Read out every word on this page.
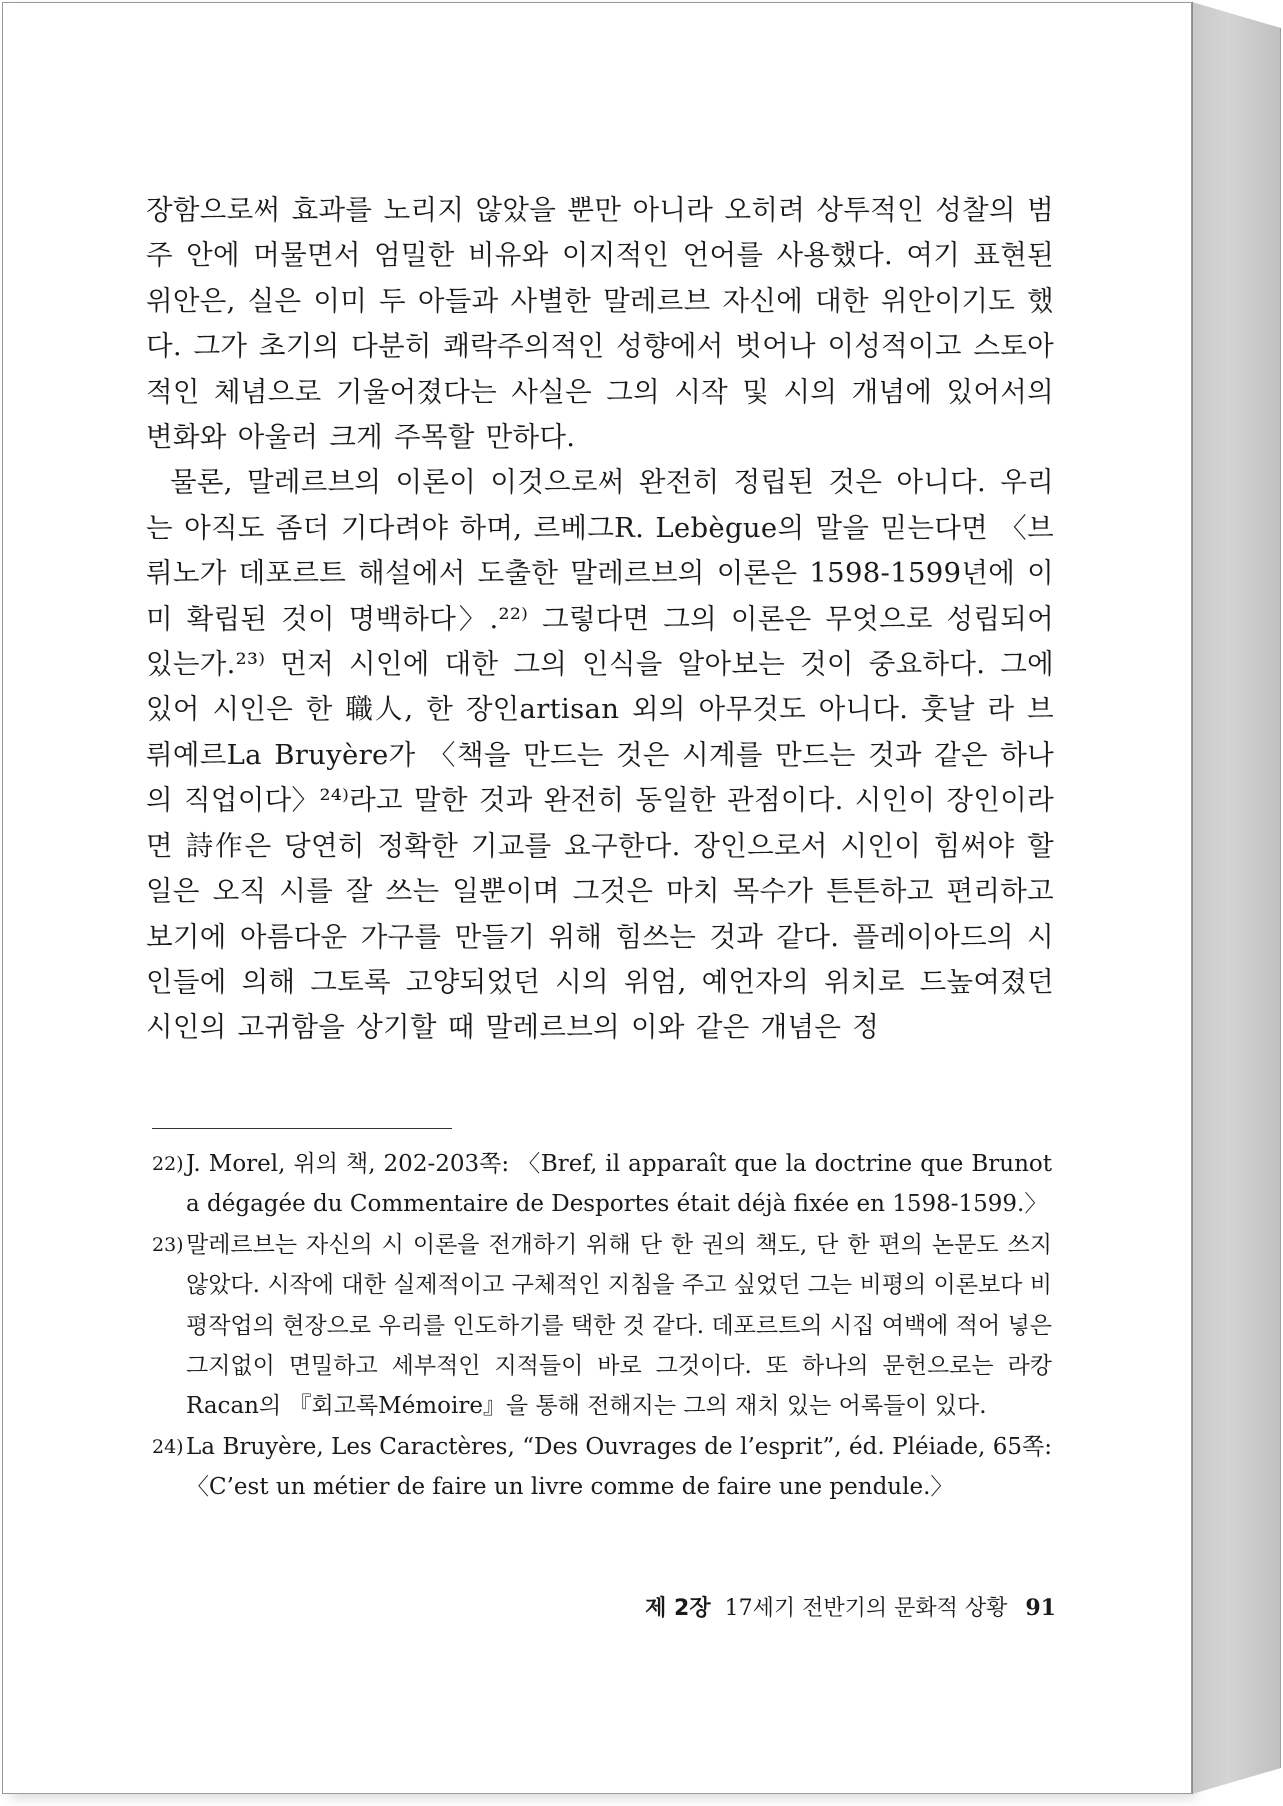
장함으로써 효과를 노리지 않았을 뿐만 아니라 오히려 상투적인 성찰의 범주 안에 머물면서 엄밀한 비유와 이지적인 언어를 사용했다. 여기 표현된 위안은, 실은 이미 두 아들과 사별한 말레르브 자신에 대한 위안이기도 했다. 그가 초기의 다분히 쾌락주의적인 성향에서 벗어나 이성적이고 스토아적인 체념으로 기울어졌다는 사실은 그의 시작 및 시의 개념에 있어서의 변화와 아울러 크게 주목할 만하다.

물론, 말레르브의 이론이 이것으로써 완전히 정립된 것은 아니다. 우리는 아직도 좀더 기다려야 하며, 르베그R. Lebègue의 말을 믿는다면 〈브뤼노가 데포르트 해설에서 도출한 말레르브의 이론은 1598-1599년에 이미 확립된 것이 명백하다〉.²²⁾ 그렇다면 그의 이론은 무엇으로 성립되어 있는가.²³⁾ 먼저 시인에 대한 그의 인식을 알아보는 것이 중요하다. 그에 있어 시인은 한 職人, 한 장인artisan 외의 아무것도 아니다. 훗날 라 브뤼예르La Bruyère가 〈책을 만드는 것은 시계를 만드는 것과 같은 하나의 직업이다〉²⁴⁾라고 말한 것과 완전히 동일한 관점이다. 시인이 장인이라면 詩作은 당연히 정확한 기교를 요구한다. 장인으로서 시인이 힘써야 할 일은 오직 시를 잘 쓰는 일뿐이며 그것은 마치 목수가 튼튼하고 편리하고 보기에 아름다운 가구를 만들기 위해 힘쓰는 것과 같다. 플레이아드의 시인들에 의해 그토록 고양되었던 시의 위엄, 예언자의 위치로 드높여졌던 시인의 고귀함을 상기할 때 말레르브의 이와 같은 개념은 정

22) J. Morel, 위의 책, 202-203쪽: 〈Bref, il apparaît que la doctrine que Brunot a dégagée du Commentaire de Desportes était déjà fixée en 1598-1599.〉
23) 말레르브는 자신의 시 이론을 전개하기 위해 단 한 권의 책도, 단 한 편의 논문도 쓰지 않았다. 시작에 대한 실제적이고 구체적인 지침을 주고 싶었던 그는 비평의 이론보다 비평작업의 현장으로 우리를 인도하기를 택한 것 같다. 데포르트의 시집 여백에 적어 넣은 그지없이 면밀하고 세부적인 지적들이 바로 그것이다. 또 하나의 문헌으로는 라캉 Racan의 『회고록Mémoire』을 통해 전해지는 그의 재치 있는 어록들이 있다.
24) La Bruyère, Les Caractères, “Des Ouvrages de l’esprit”, éd. Pléiade, 65쪽: 〈C’est un métier de faire un livre comme de faire une pendule.〉
제 2장 17세기 전반기의 문화적 상황 91
